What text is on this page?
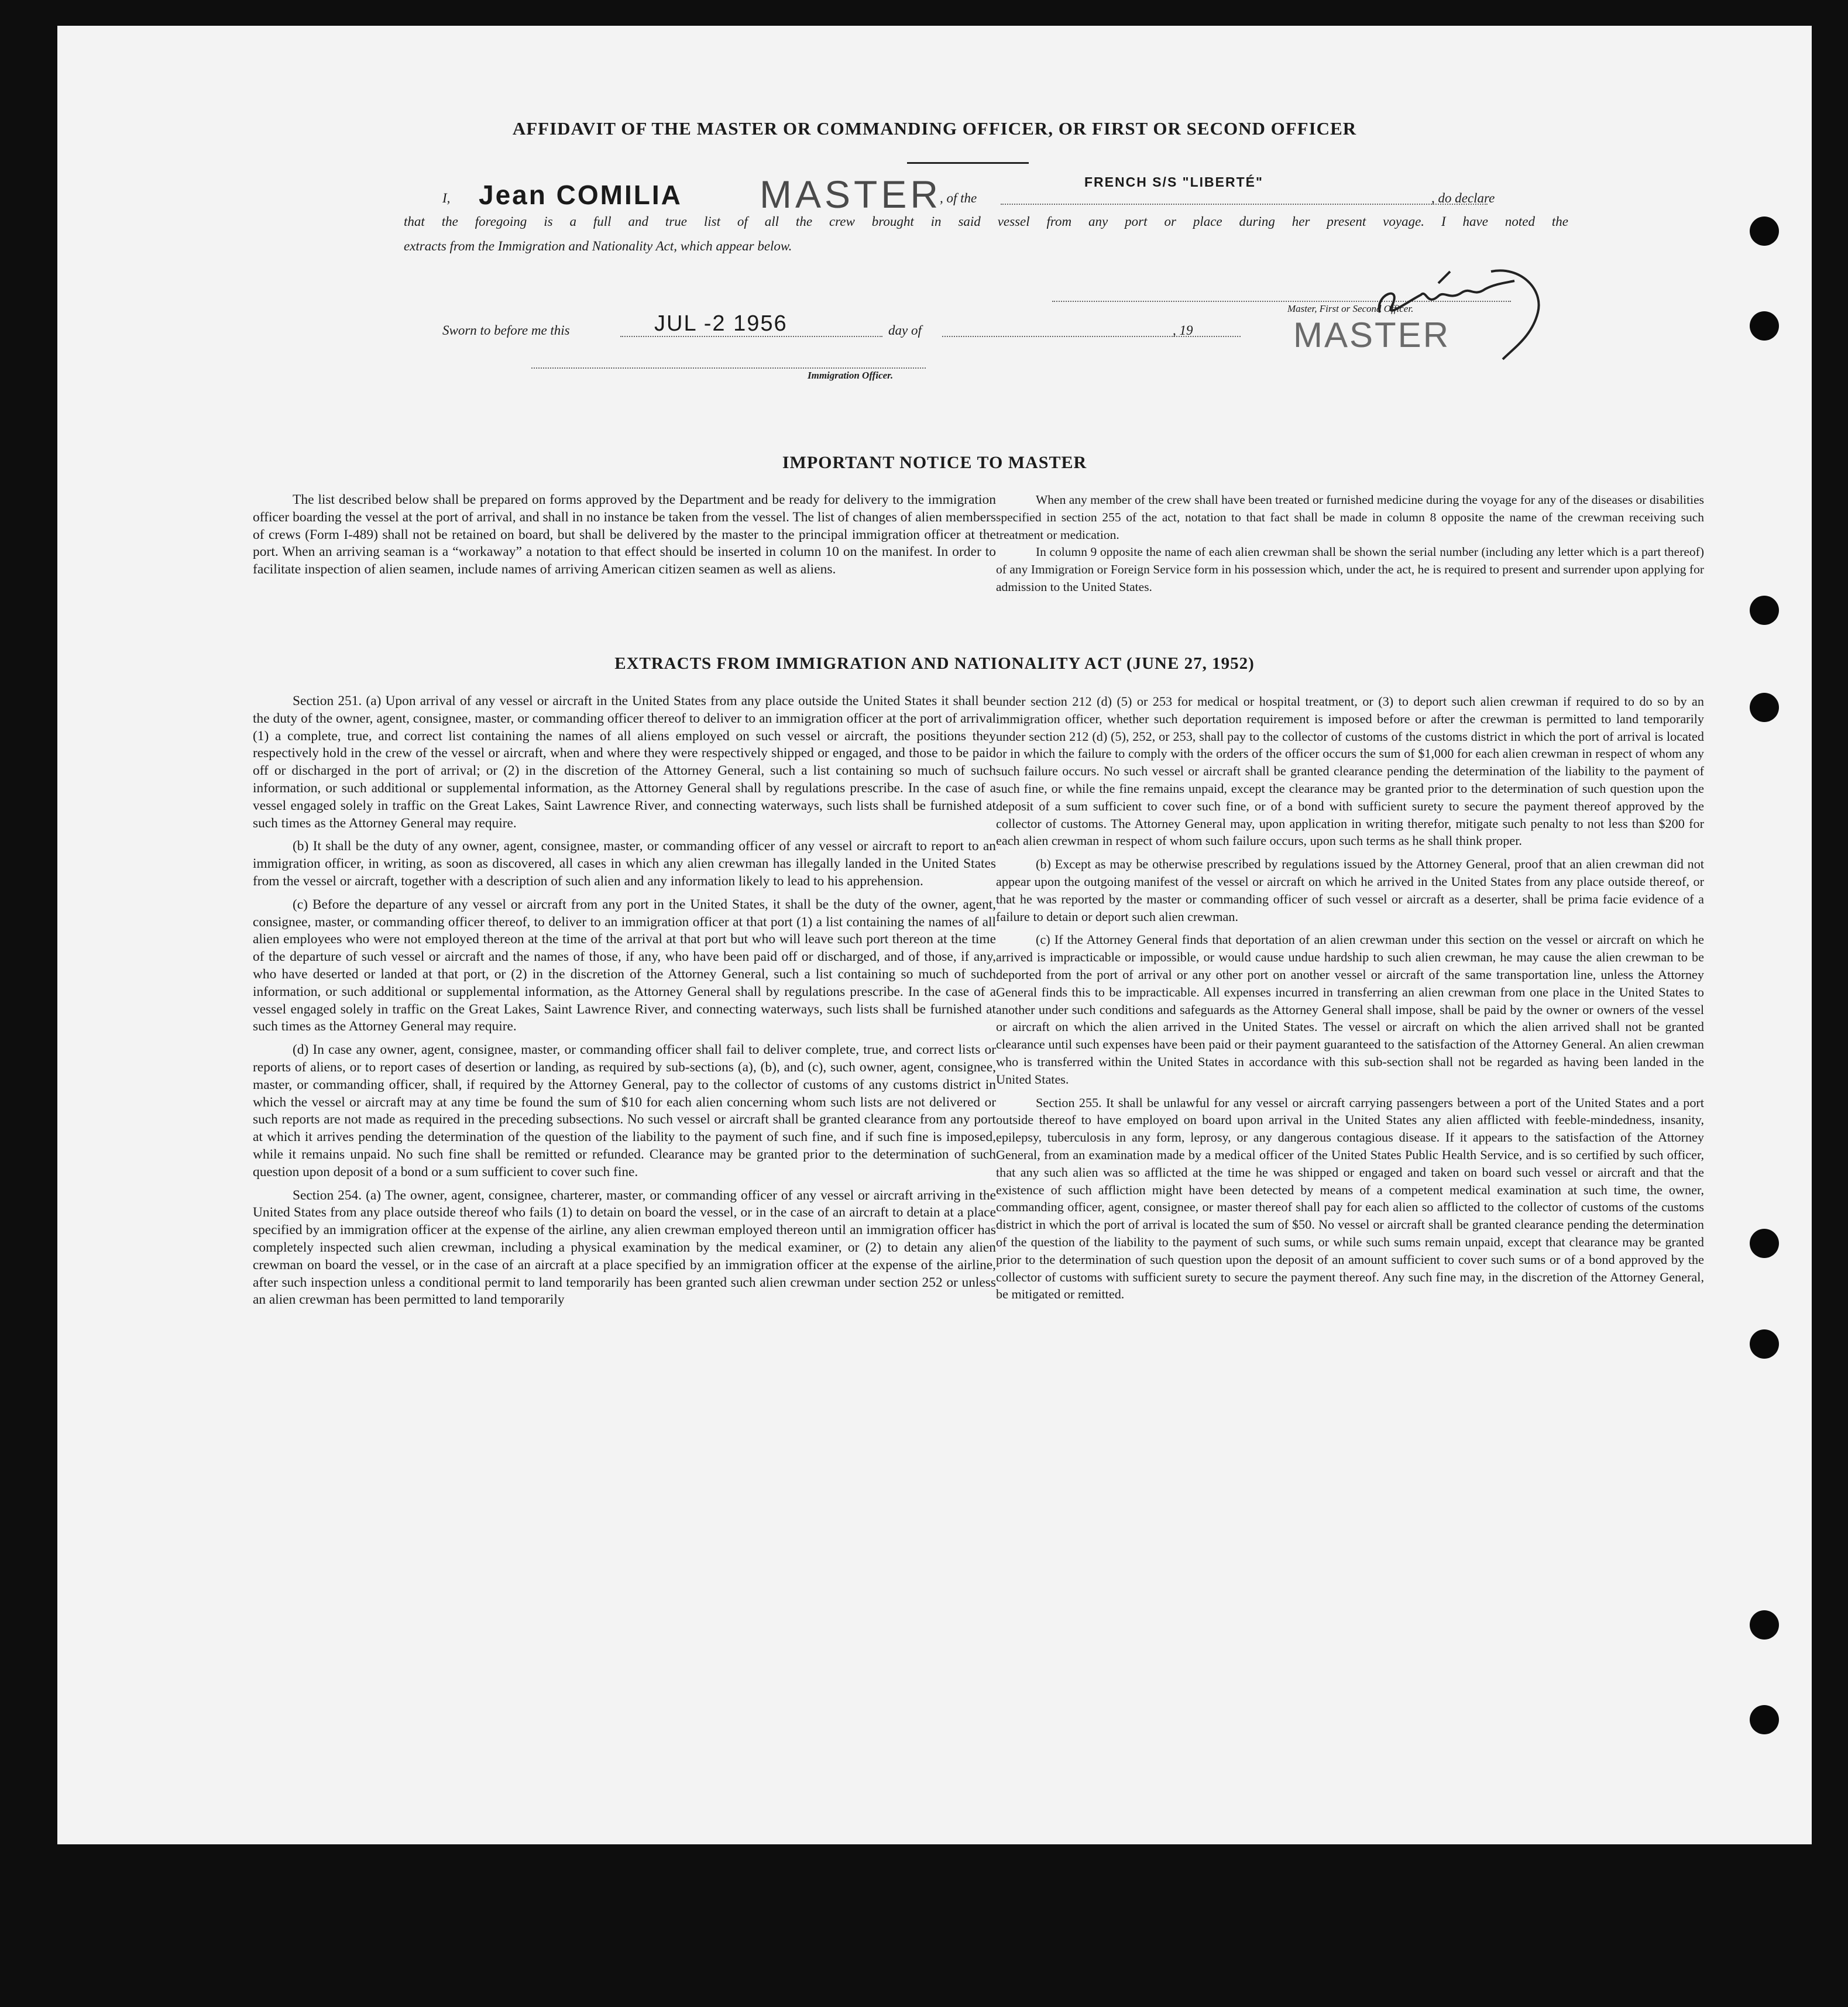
AFFIDAVIT OF THE MASTER OR COMMANDING OFFICER, OR FIRST OR SECOND OFFICER
I, Jean COMILIA MASTER
, of the
FRENCH S/S "LIBERTÉ"
, do declare
that the foregoing is a full and true list of all the crew brought in said vessel from any port or place during her present voyage. I have noted the
extracts from the Immigration and Nationality Act, which appear below.
Master, First or Second Officer.
MASTER
Sworn to before me this	JUL -2 1956	day of	, 19
Immigration Officer.
IMPORTANT NOTICE TO MASTER

The list described below shall be prepared on forms approved by the Department and be ready for delivery to the immigration officer boarding the vessel at the port of arrival, and shall in no instance be taken from the vessel. The list of changes of alien members of crews (Form I-489) shall not be retained on board, but shall be delivered by the master to the principal immigration officer at the port. When an arriving seaman is a “workaway” a notation to that effect should be inserted in column 10 on the manifest. In order to facilitate inspection of alien seamen, include names of arriving American citizen seamen as well as aliens.

When any member of the crew shall have been treated or furnished medicine during the voyage for any of the diseases or disabilities specified in section 255 of the act, notation to that fact shall be made in column 8 opposite the name of the crewman receiving such treatment or medication.

In column 9 opposite the name of each alien crewman shall be shown the serial number (including any letter which is a part thereof) of any Immigration or Foreign Service form in his possession which, under the act, he is required to present and surrender upon applying for admission to the United States.

EXTRACTS FROM IMMIGRATION AND NATIONALITY ACT (JUNE 27, 1952)

Section 251. (a) Upon arrival of any vessel or aircraft in the United States from any place outside the United States it shall be the duty of the owner, agent, consignee, master, or commanding officer thereof to deliver to an immigration officer at the port of arrival (1) a complete, true, and correct list containing the names of all aliens employed on such vessel or aircraft, the positions they respectively hold in the crew of the vessel or aircraft, when and where they were respectively shipped or engaged, and those to be paid off or discharged in the port of arrival; or (2) in the discretion of the Attorney General, such a list containing so much of such information, or such additional or supplemental information, as the Attorney General shall by regulations prescribe. In the case of a vessel engaged solely in traffic on the Great Lakes, Saint Lawrence River, and connecting waterways, such lists shall be furnished at such times as the Attorney General may require.

(b) It shall be the duty of any owner, agent, consignee, master, or commanding officer of any vessel or aircraft to report to an immigration officer, in writing, as soon as discovered, all cases in which any alien crewman has illegally landed in the United States from the vessel or aircraft, together with a description of such alien and any information likely to lead to his apprehension.

(c) Before the departure of any vessel or aircraft from any port in the United States, it shall be the duty of the owner, agent, consignee, master, or commanding officer thereof, to deliver to an immigration officer at that port (1) a list containing the names of all alien employees who were not employed thereon at the time of the arrival at that port but who will leave such port thereon at the time of the departure of such vessel or aircraft and the names of those, if any, who have been paid off or discharged, and of those, if any, who have deserted or landed at that port, or (2) in the discretion of the Attorney General, such a list containing so much of such information, or such additional or supplemental information, as the Attorney General shall by regulations prescribe. In the case of a vessel engaged solely in traffic on the Great Lakes, Saint Lawrence River, and connecting waterways, such lists shall be furnished at such times as the Attorney General may require.

(d) In case any owner, agent, consignee, master, or commanding officer shall fail to deliver complete, true, and correct lists or reports of aliens, or to report cases of desertion or landing, as required by sub-sections (a), (b), and (c), such owner, agent, consignee, master, or commanding officer, shall, if required by the Attorney General, pay to the collector of customs of any customs district in which the vessel or aircraft may at any time be found the sum of $10 for each alien concerning whom such lists are not delivered or such reports are not made as required in the preceding subsections. No such vessel or aircraft shall be granted clearance from any port at which it arrives pending the determination of the question of the liability to the payment of such fine, and if such fine is imposed, while it remains unpaid. No such fine shall be remitted or refunded. Clearance may be granted prior to the determination of such question upon deposit of a bond or a sum sufficient to cover such fine.

Section 254. (a) The owner, agent, consignee, charterer, master, or commanding officer of any vessel or aircraft arriving in the United States from any place outside thereof who fails (1) to detain on board the vessel, or in the case of an aircraft to detain at a place specified by an immigration officer at the expense of the airline, any alien crewman employed thereon until an immigration officer has completely inspected such alien crewman, including a physical examination by the medical examiner, or (2) to detain any alien crewman on board the vessel, or in the case of an aircraft at a place specified by an immigration officer at the expense of the airline, after such inspection unless a conditional permit to land temporarily has been granted such alien crewman under section 252 or unless an alien crewman has been permitted to land temporarily

under section 212 (d) (5) or 253 for medical or hospital treatment, or (3) to deport such alien crewman if required to do so by an immigration officer, whether such deportation requirement is imposed before or after the crewman is permitted to land temporarily under section 212 (d) (5), 252, or 253, shall pay to the collector of customs of the customs district in which the port of arrival is located or in which the failure to comply with the orders of the officer occurs the sum of $1,000 for each alien crewman in respect of whom any such failure occurs. No such vessel or aircraft shall be granted clearance pending the determination of the liability to the payment of such fine, or while the fine remains unpaid, except the clearance may be granted prior to the determination of such question upon the deposit of a sum sufficient to cover such fine, or of a bond with sufficient surety to secure the payment thereof approved by the collector of customs. The Attorney General may, upon application in writing therefor, mitigate such penalty to not less than $200 for each alien crewman in respect of whom such failure occurs, upon such terms as he shall think proper.

(b) Except as may be otherwise prescribed by regulations issued by the Attorney General, proof that an alien crewman did not appear upon the outgoing manifest of the vessel or aircraft on which he arrived in the United States from any place outside thereof, or that he was reported by the master or commanding officer of such vessel or aircraft as a deserter, shall be prima facie evidence of a failure to detain or deport such alien crewman.

(c) If the Attorney General finds that deportation of an alien crewman under this section on the vessel or aircraft on which he arrived is impracticable or impossible, or would cause undue hardship to such alien crewman, he may cause the alien crewman to be deported from the port of arrival or any other port on another vessel or aircraft of the same transportation line, unless the Attorney General finds this to be impracticable. All expenses incurred in transferring an alien crewman from one place in the United States to another under such conditions and safeguards as the Attorney General shall impose, shall be paid by the owner or owners of the vessel or aircraft on which the alien arrived in the United States. The vessel or aircraft on which the alien arrived shall not be granted clearance until such expenses have been paid or their payment guaranteed to the satisfaction of the Attorney General. An alien crewman who is transferred within the United States in accordance with this sub-section shall not be regarded as having been landed in the United States.

Section 255. It shall be unlawful for any vessel or aircraft carrying passengers between a port of the United States and a port outside thereof to have employed on board upon arrival in the United States any alien afflicted with feeble-mindedness, insanity, epilepsy, tuberculosis in any form, leprosy, or any dangerous contagious disease. If it appears to the satisfaction of the Attorney General, from an examination made by a medical officer of the United States Public Health Service, and is so certified by such officer, that any such alien was so afflicted at the time he was shipped or engaged and taken on board such vessel or aircraft and that the existence of such affliction might have been detected by means of a competent medical examination at such time, the owner, commanding officer, agent, consignee, or master thereof shall pay for each alien so afflicted to the collector of customs of the customs district in which the port of arrival is located the sum of $50. No vessel or aircraft shall be granted clearance pending the determination of the question of the liability to the payment of such sums, or while such sums remain unpaid, except that clearance may be granted prior to the determination of such question upon the deposit of an amount sufficient to cover such sums or of a bond approved by the collector of customs with sufficient surety to secure the payment thereof. Any such fine may, in the discretion of the Attorney General, be mitigated or remitted.
